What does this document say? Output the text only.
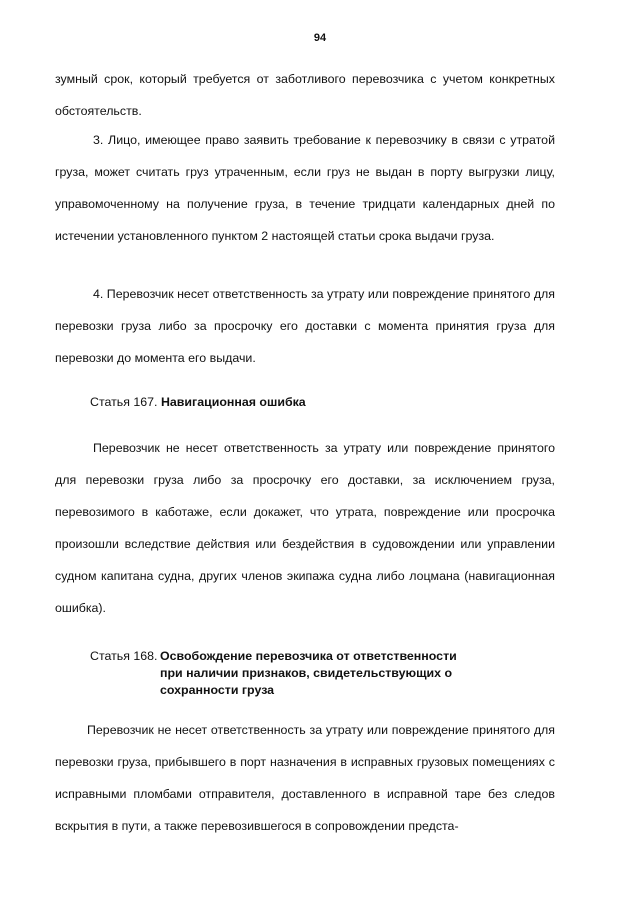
94
зумный срок, который требуется от заботливого перевозчика с учетом конкретных обстоятельств.
3. Лицо, имеющее право заявить требование к перевозчику в связи с утратой груза, может считать груз утраченным, если груз не выдан в порту выгрузки лицу, управомоченному на получение груза, в течение тридцати календарных дней по истечении установленного пунктом 2 настоящей статьи срока выдачи груза.
4. Перевозчик несет ответственность за утрату или повреждение принятого для перевозки груза либо за просрочку его доставки с момента принятия груза для перевозки до момента его выдачи.
Статья 167. Навигационная ошибка
Перевозчик не несет ответственность за утрату или повреждение принятого для перевозки груза либо за просрочку его доставки, за исключением груза, перевозимого в каботаже, если докажет, что утрата, повреждение или просрочка произошли вследствие действия или бездействия в судовождении или управлении судном капитана судна, других членов экипажа судна либо лоцмана (навигационная ошибка).
Статья 168. Освобождение перевозчика от ответственности при наличии признаков, свидетельствующих о сохранности груза
Перевозчик не несет ответственность за утрату или повреждение принятого для перевозки груза, прибывшего в порт назначения в исправных грузовых помещениях с исправными пломбами отправителя, доставленного в исправной таре без следов вскрытия в пути, а также перевозившегося в сопровождении предста-
